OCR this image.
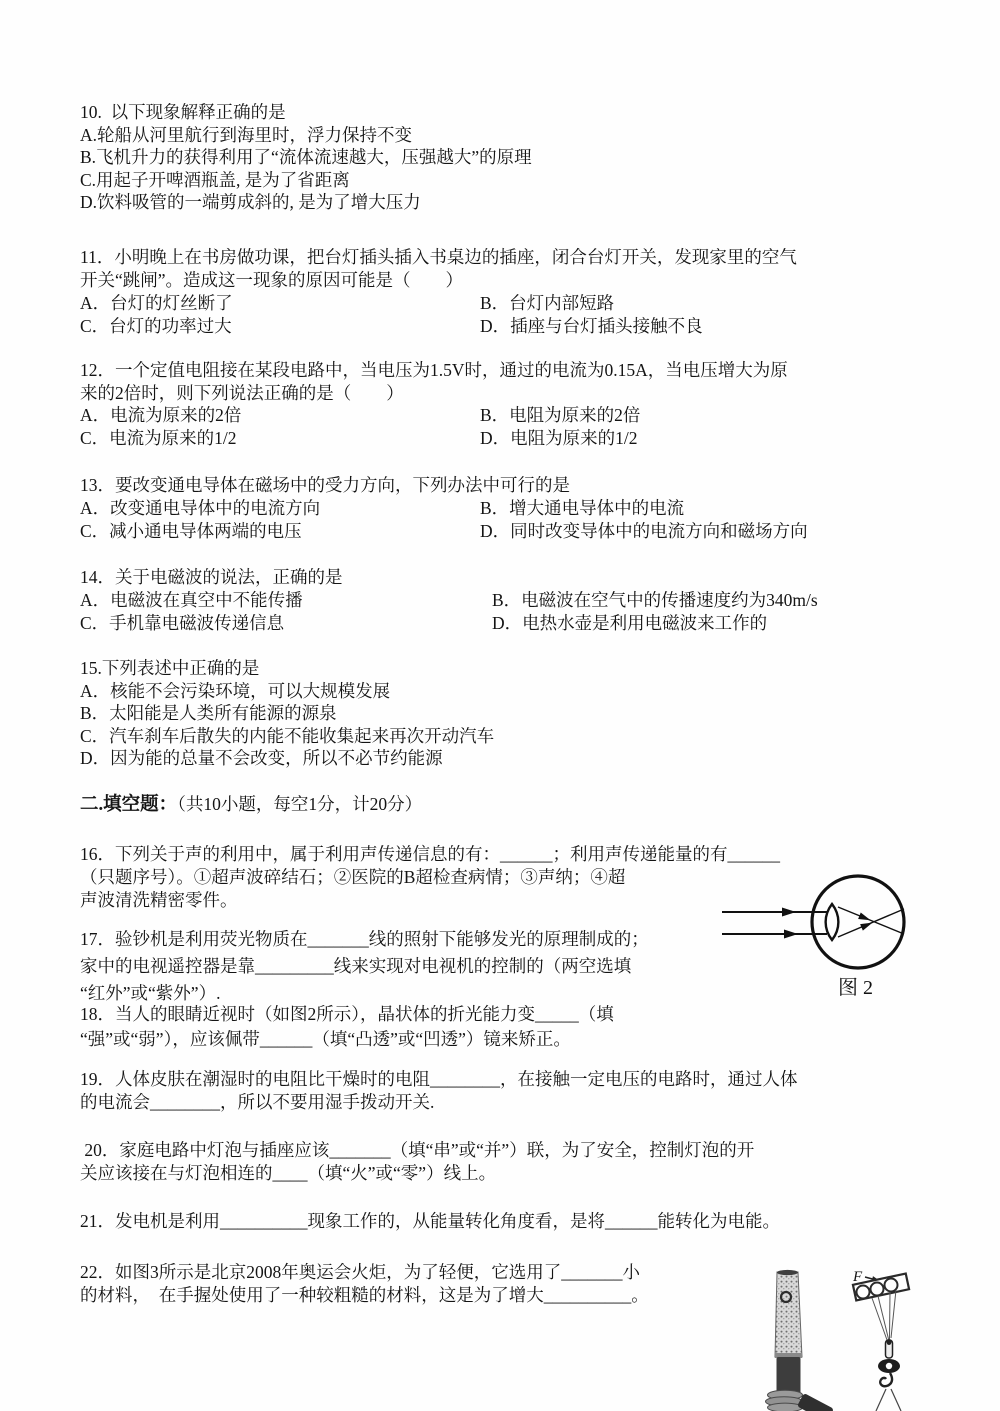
10.  以下现象解释正确的是
A.轮船从河里航行到海里时，浮力保持不变
B.飞机升力的获得利用了“流体流速越大，压强越大”的原理
C.用起子开啤酒瓶盖, 是为了省距离
D.饮料吸管的一端剪成斜的, 是为了增大压力
11．小明晚上在书房做功课，把台灯插头插入书桌边的插座，闭合台灯开关，发现家里的空气
开关“跳闸”。造成这一现象的原因可能是（　　）
A．台灯的灯丝断了	B．台灯内部短路
C．台灯的功率过大	D．插座与台灯插头接触不良
12．一个定值电阻接在某段电路中，当电压为1.5V时，通过的电流为0.15A，当电压增大为原
来的2倍时，则下列说法正确的是（　　）
A．电流为原来的2倍	B．电阻为原来的2倍
C．电流为原来的1/2	D．电阻为原来的1/2
13．要改变通电导体在磁场中的受力方向，下列办法中可行的是
A．改变通电导体中的电流方向	B．增大通电导体中的电流
C．减小通电导体两端的电压	D．同时改变导体中的电流方向和磁场方向
14．关于电磁波的说法，正确的是
A．电磁波在真空中不能传播	B．电磁波在空气中的传播速度约为340m/s
C．手机靠电磁波传递信息	D．电热水壶是利用电磁波来工作的
15.下列表述中正确的是
A．核能不会污染环境，可以大规模发展
B．太阳能是人类所有能源的源泉
C．汽车刹车后散失的内能不能收集起来再次开动汽车
D．因为能的总量不会改变，所以不必节约能源
二.填空题：（共10小题，每空1分，计20分）
16．下列关于声的利用中，属于利用声传递信息的有：______；利用声传递能量的有______
（只题序号）。①超声波碎结石；②医院的B超检查病情；③声纳；④超
声波清洗精密零件。
17．验钞机是利用荧光物质在_______线的照射下能够发光的原理制成的；
家中的电视遥控器是靠_________线来实现对电视机的控制的（两空选填
“红外”或“紫外”）.
18．当人的眼睛近视时（如图2所示），晶状体的折光能力变_____（填
“强”或“弱”），应该佩带______（填“凸透”或“凹透”）镜来矫正。
19．人体皮肤在潮湿时的电阻比干燥时的电阻________，在接触一定电压的电路时，通过人体
的电流会________，所以不要用湿手拨动开关.
20．家庭电路中灯泡与插座应该_______（填“串”或“并”）联，为了安全，控制灯泡的开
关应该接在与灯泡相连的____（填“火”或“零”）线上。
21．发电机是利用__________现象工作的，从能量转化角度看，是将______能转化为电能。
22．如图3所示是北京2008年奥运会火炬，为了轻便，它选用了_______小
的材料，  在手握处使用了一种较粗糙的材料，这是为了增大__________。
图 2
F
